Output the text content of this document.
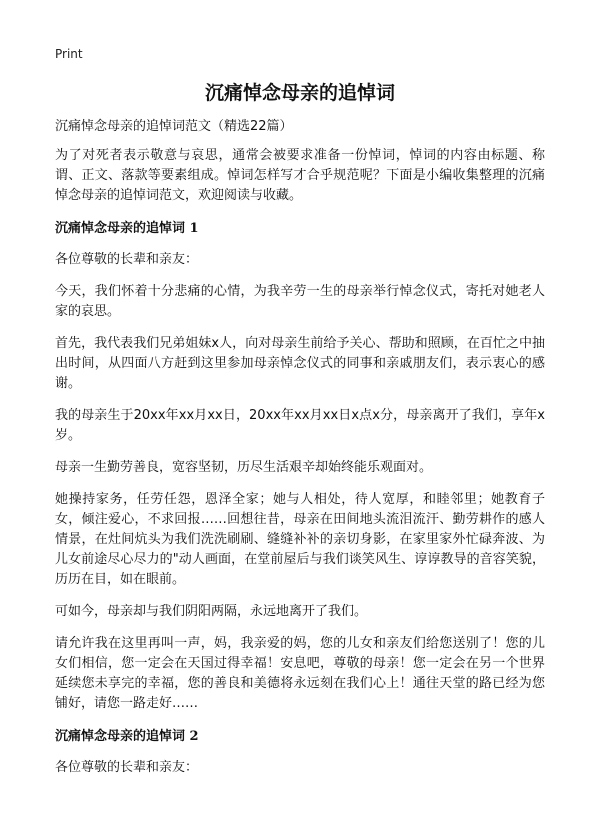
Print
沉痛悼念母亲的追悼词
沉痛悼念母亲的追悼词范文（精选22篇）

为了对死者表示敬意与哀思，通常会被要求准备一份悼词，悼词的内容由标题、称谓、正文、落款等要素组成。悼词怎样写才合乎规范呢？下面是小编收集整理的沉痛悼念母亲的追悼词范文，欢迎阅读与收藏。

沉痛悼念母亲的追悼词 1

各位尊敬的长辈和亲友：

今天，我们怀着十分悲痛的心情，为我辛劳一生的母亲举行悼念仪式，寄托对她老人家的哀思。

首先，我代表我们兄弟姐妹x人，向对母亲生前给予关心、帮助和照顾，在百忙之中抽出时间，从四面八方赶到这里参加母亲悼念仪式的同事和亲戚朋友们，表示衷心的感谢。

我的母亲生于20xx年xx月xx日，20xx年xx月xx日x点x分，母亲离开了我们，享年x岁。

母亲一生勤劳善良，宽容坚韧，历尽生活艰辛却始终能乐观面对。

她操持家务，任劳任怨，恩泽全家；她与人相处，待人宽厚，和睦邻里；她教育子女，倾注爱心，不求回报……回想往昔，母亲在田间地头流泪流汗、勤劳耕作的感人情景，在灶间炕头为我们洗洗刷刷、缝缝补补的亲切身影，在家里家外忙碌奔波、为儿女前途尽心尽力的"动人画面，在堂前屋后与我们谈笑风生、谆谆教导的音容笑貌，历历在目，如在眼前。

可如今，母亲却与我们阴阳两隔，永远地离开了我们。

请允许我在这里再叫一声，妈，我亲爱的妈，您的儿女和亲友们给您送别了！您的儿女们相信，您一定会在天国过得幸福！安息吧，尊敬的母亲！您一定会在另一个世界延续您未享完的幸福，您的善良和美德将永远刻在我们心上！通往天堂的路已经为您铺好，请您一路走好……

沉痛悼念母亲的追悼词 2

各位尊敬的长辈和亲友：
